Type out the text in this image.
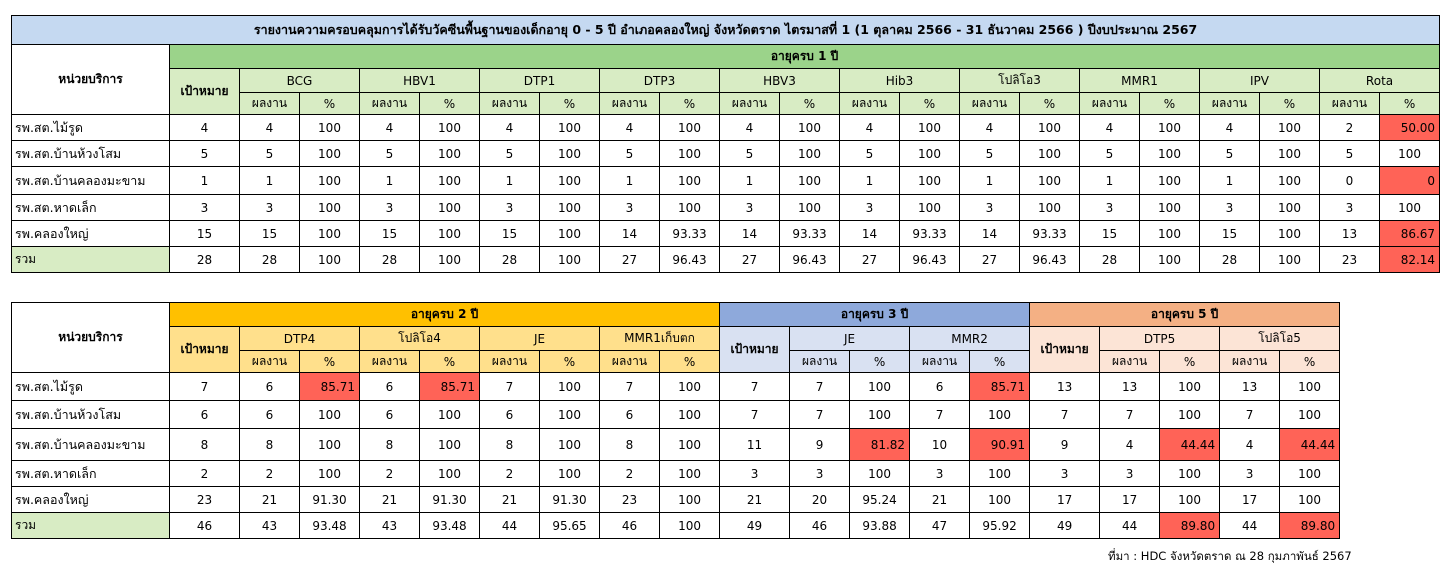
รายงานความครอบคลุมการได้รับวัคซีนพื้นฐานของเด็กอายุ 0 - 5 ปี อำเภอคลองใหญ่ จังหวัดตราด ไตรมาสที่ 1 (1 ตุลาคม 2566 - 31 ธันวาคม 2566 ) ปีงบประมาณ 2567																					
หน่วยบริการ	อายุครบ 1 ปี																				
	เป้าหมาย	BCG		HBV1		DTP1		DTP3		HBV3		Hib3		โปลิโอ3		MMR1		IPV		Rota	
		ผลงาน	%	ผลงาน	%	ผลงาน	%	ผลงาน	%	ผลงาน	%	ผลงาน	%	ผลงาน	%	ผลงาน	%	ผลงาน	%	ผลงาน	%
รพ.สต.ไม้รูด	4	4	100	4	100	4	100	4	100	4	100	4	100	4	100	4	100	4	100	2	50.00
รพ.สต.บ้านห้วงโสม	5	5	100	5	100	5	100	5	100	5	100	5	100	5	100	5	100	5	100	5	100
รพ.สต.บ้านคลองมะขาม	1	1	100	1	100	1	100	1	100	1	100	1	100	1	100	1	100	1	100	0	0
รพ.สต.หาดเล็ก	3	3	100	3	100	3	100	3	100	3	100	3	100	3	100	3	100	3	100	3	100
รพ.คลองใหญ่	15	15	100	15	100	15	100	14	93.33	14	93.33	14	93.33	14	93.33	15	100	15	100	13	86.67
รวม	28	28	100	28	100	28	100	27	96.43	27	96.43	27	96.43	27	96.43	28	100	28	100	23	82.14
หน่วยบริการ	อายุครบ 2 ปี									อายุครบ 3 ปี					อายุครบ 5 ปี				
	เป้าหมาย	DTP4		โปลิโอ4		JE		MMR1เก็บตก		เป้าหมาย	JE		MMR2		เป้าหมาย	DTP5		โปลิโอ5	
		ผลงาน	%	ผลงาน	%	ผลงาน	%	ผลงาน	%		ผลงาน	%	ผลงาน	%		ผลงาน	%	ผลงาน	%
รพ.สต.ไม้รูด	7	6	85.71	6	85.71	7	100	7	100	7	7	100	6	85.71	13	13	100	13	100
รพ.สต.บ้านห้วงโสม	6	6	100	6	100	6	100	6	100	7	7	100	7	100	7	7	100	7	100
รพ.สต.บ้านคลองมะขาม	8	8	100	8	100	8	100	8	100	11	9	81.82	10	90.91	9	4	44.44	4	44.44
รพ.สต.หาดเล็ก	2	2	100	2	100	2	100	2	100	3	3	100	3	100	3	3	100	3	100
รพ.คลองใหญ่	23	21	91.30	21	91.30	21	91.30	23	100	21	20	95.24	21	100	17	17	100	17	100
รวม	46	43	93.48	43	93.48	44	95.65	46	100	49	46	93.88	47	95.92	49	44	89.80	44	89.80
ที่มา : HDC จังหวัดตราด ณ 28 กุมภาพันธ์ 2567
